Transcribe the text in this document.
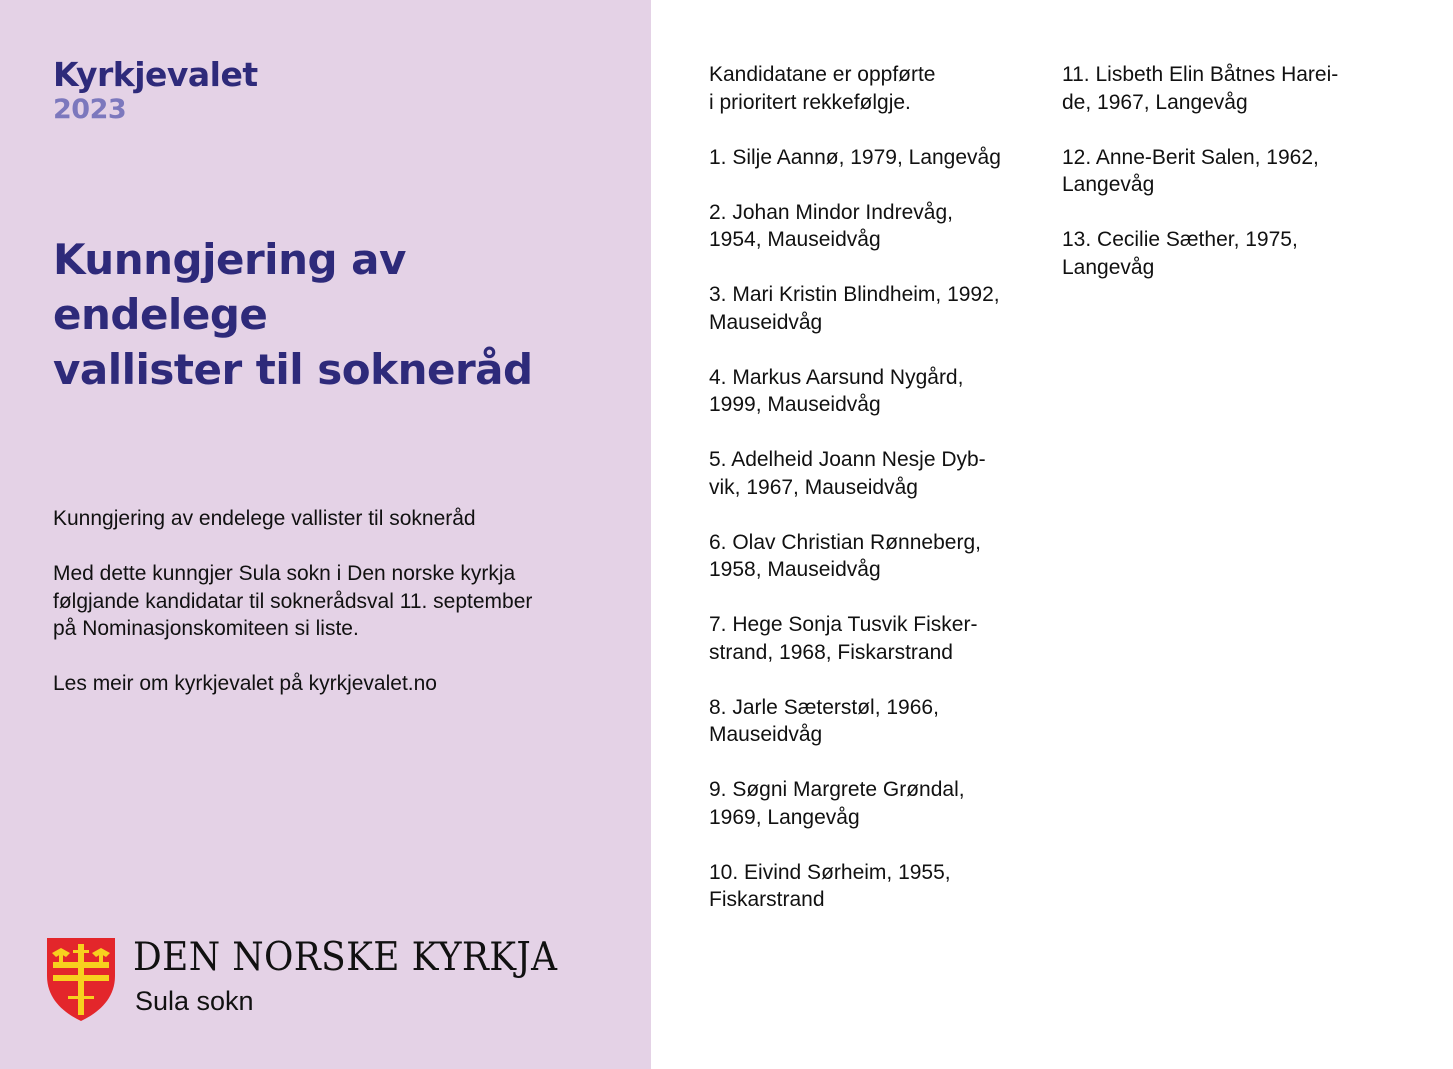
Kyrkjevalet
2023
Kunngjering av endelege
vallister til sokneråd

Kunngjering av endelege vallister til sokneråd

Med dette kunngjer Sula sokn i Den norske kyrkja
følgjande kandidatar til soknerådsval 11. september
på Nominasjonskomiteen si liste.

Les meir om kyrkjevalet på kyrkjevalet.no

DEN NORSKE KYRKJA
Sula sokn

Kandidatane er oppførte
i prioritert rekkefølgje.

1. Silje Aannø, 1979, Langevåg

2. Johan Mindor Indrevåg,
1954, Mauseidvåg

3. Mari Kristin Blindheim, 1992,
Mauseidvåg

4. Markus Aarsund Nygård,
1999, Mauseidvåg

5. Adelheid Joann Nesje Dyb-
vik, 1967, Mauseidvåg

6. Olav Christian Rønneberg,
1958, Mauseidvåg

7. Hege Sonja Tusvik Fisker-
strand, 1968, Fiskarstrand

8. Jarle Sæterstøl, 1966,
Mauseidvåg

9. Søgni Margrete Grøndal,
1969, Langevåg

10. Eivind Sørheim, 1955,
Fiskarstrand

11. Lisbeth Elin Båtnes Harei-
de, 1967, Langevåg

12. Anne-Berit Salen, 1962,
Langevåg

13. Cecilie Sæther, 1975,
Langevåg
